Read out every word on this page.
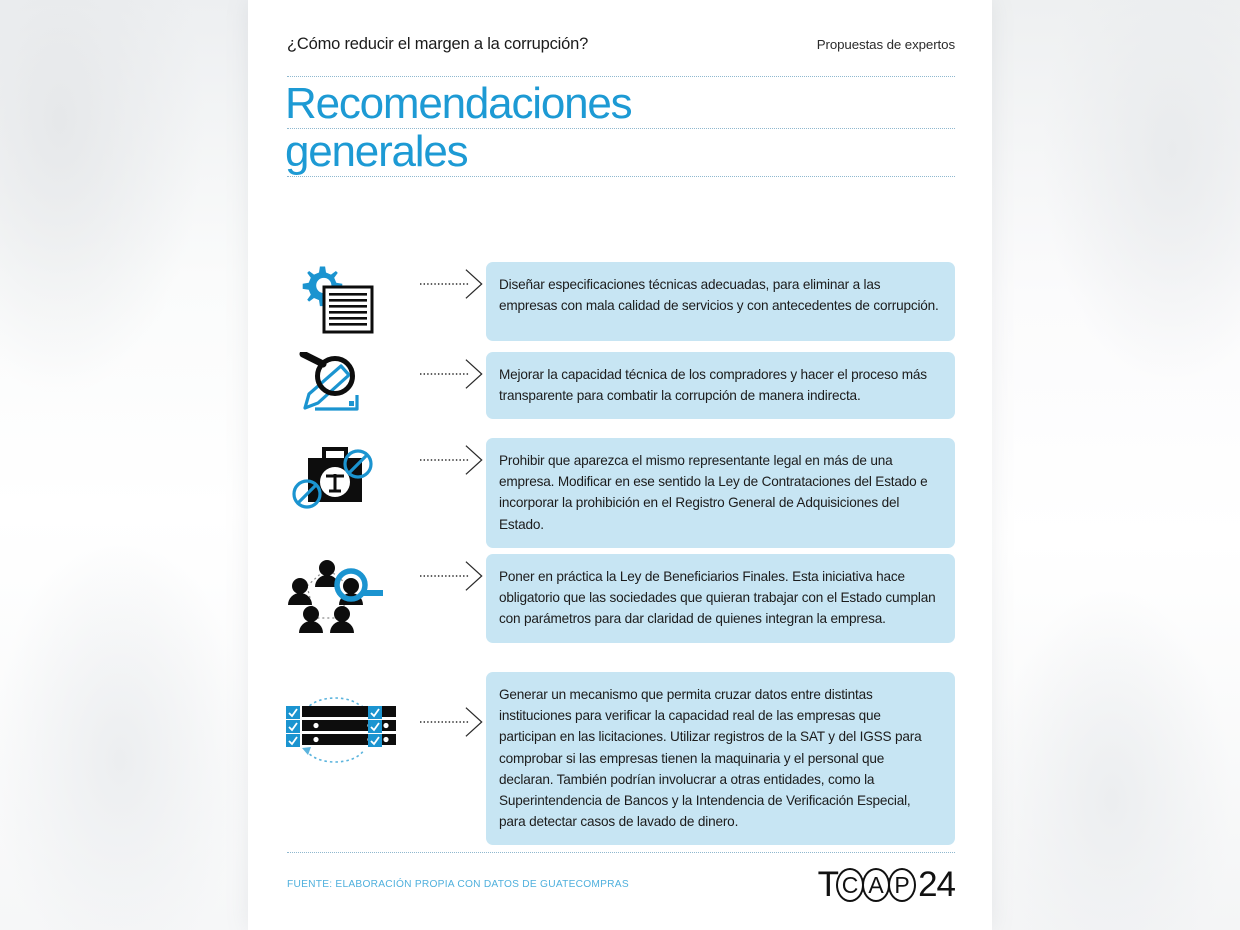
¿Cómo reducir el margen a la corrupción?	Propuestas de expertos
Recomendaciones
generales
Diseñar especificaciones técnicas adecuadas, para eliminar a las empresas con mala calidad de servicios y con antecedentes de corrupción.
Mejorar la capacidad técnica de los compradores y hacer el proceso más transparente para combatir la corrupción de manera indirecta.
Prohibir que aparezca el mismo representante legal en más de una empresa. Modificar en ese sentido la Ley de Contrataciones del Estado e incorporar la prohibición en el Registro General de Adquisiciones del Estado.
Poner en práctica la Ley de Beneficiarios Finales. Esta iniciativa hace obligatorio que las sociedades que quieran trabajar con el Estado cumplan con parámetros para dar claridad de quienes integran la empresa.
Generar un mecanismo que permita cruzar datos entre distintas instituciones para verificar la capacidad real de las empresas que participan en las licitaciones. Utilizar registros de la SAT y del IGSS para comprobar si las empresas tienen la maquinaria y el personal que declaran. También podrían involucrar a otras entidades, como la Superintendencia de Bancos y la Intendencia de Verificación Especial, para detectar casos de lavado de dinero.
FUENTE: ELABORACIÓN PROPIA CON DATOS DE GUATECOMPRAS	T C A P 24
